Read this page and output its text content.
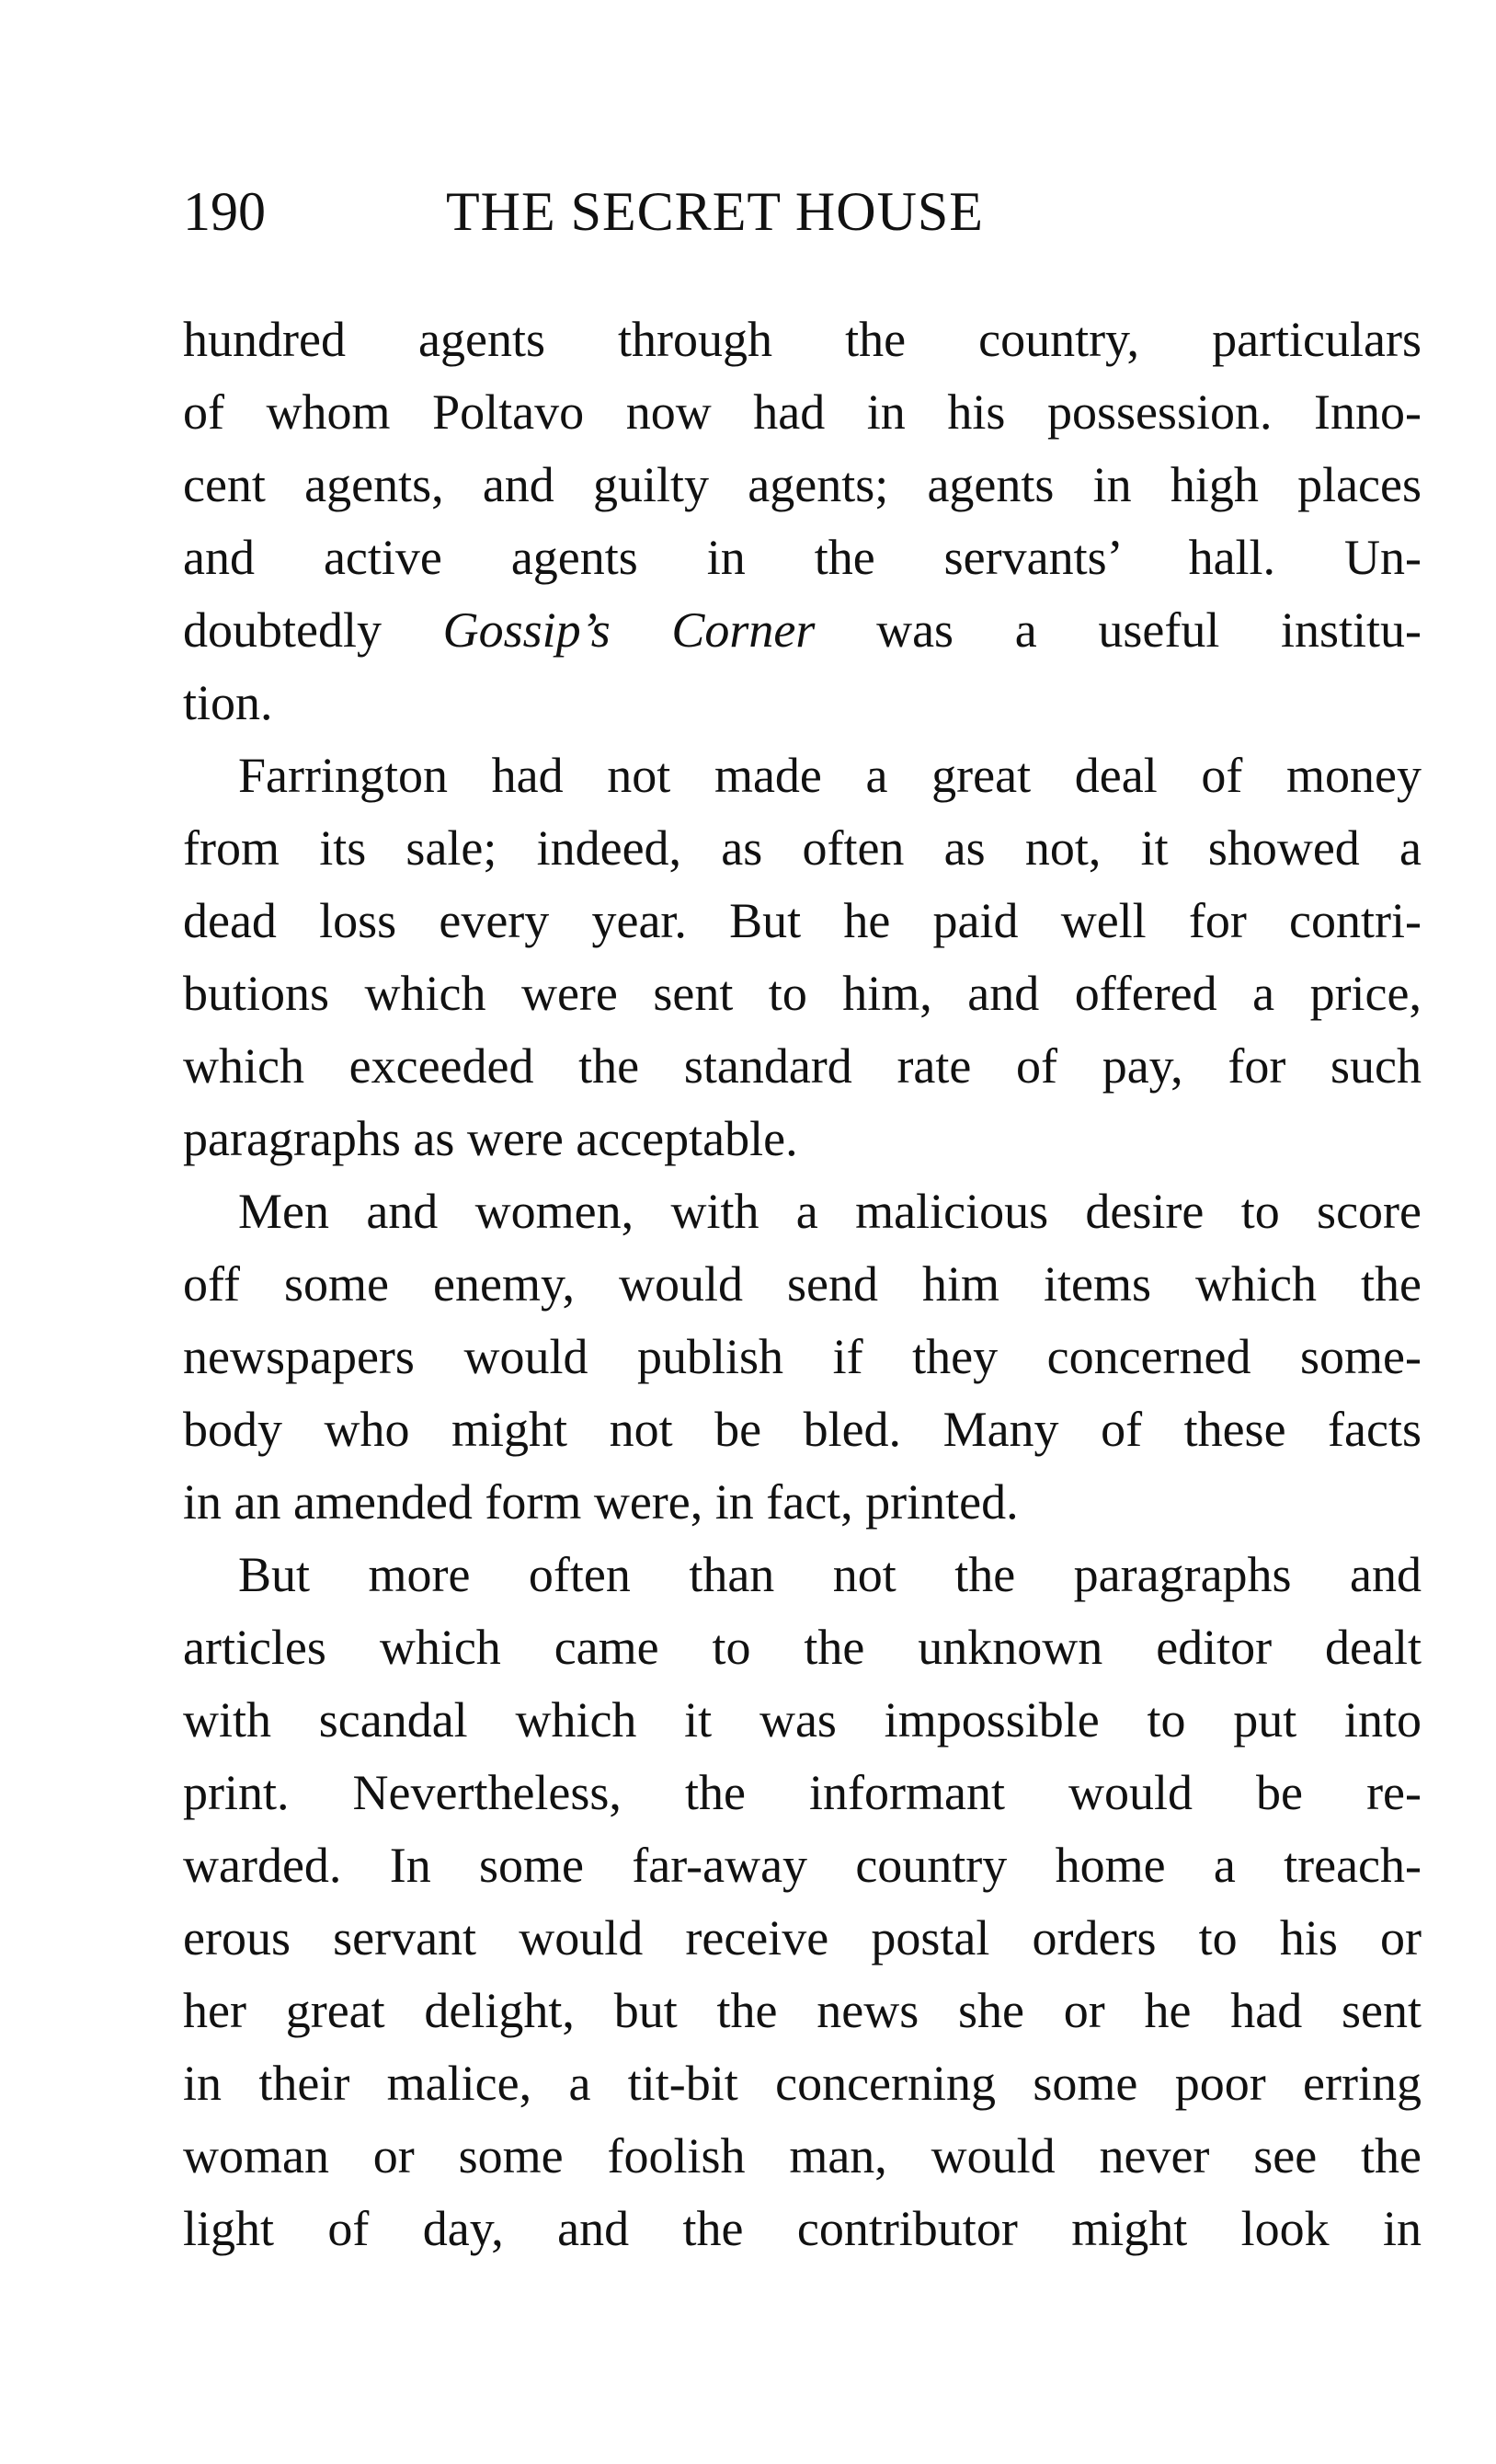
190	THE SECRET HOUSE
hundred agents through the country, particulars
of whom Poltavo now had in his possession. Inno-
cent agents, and guilty agents; agents in high places
and active agents in the servants’ hall. Un-
doubtedly Gossip’s Corner was a useful institu-
tion.
Farrington had not made a great deal of money
from its sale; indeed, as often as not, it showed a
dead loss every year. But he paid well for contri-
butions which were sent to him, and offered a price,
which exceeded the standard rate of pay, for such
paragraphs as were acceptable.
Men and women, with a malicious desire to score
off some enemy, would send him items which the
newspapers would publish if they concerned some-
body who might not be bled. Many of these facts
in an amended form were, in fact, printed.
But more often than not the paragraphs and
articles which came to the unknown editor dealt
with scandal which it was impossible to put into
print. Nevertheless, the informant would be re-
warded. In some far-away country home a treach-
erous servant would receive postal orders to his or
her great delight, but the news she or he had sent
in their malice, a tit-bit concerning some poor erring
woman or some foolish man, would never see the
light of day, and the contributor might look in
